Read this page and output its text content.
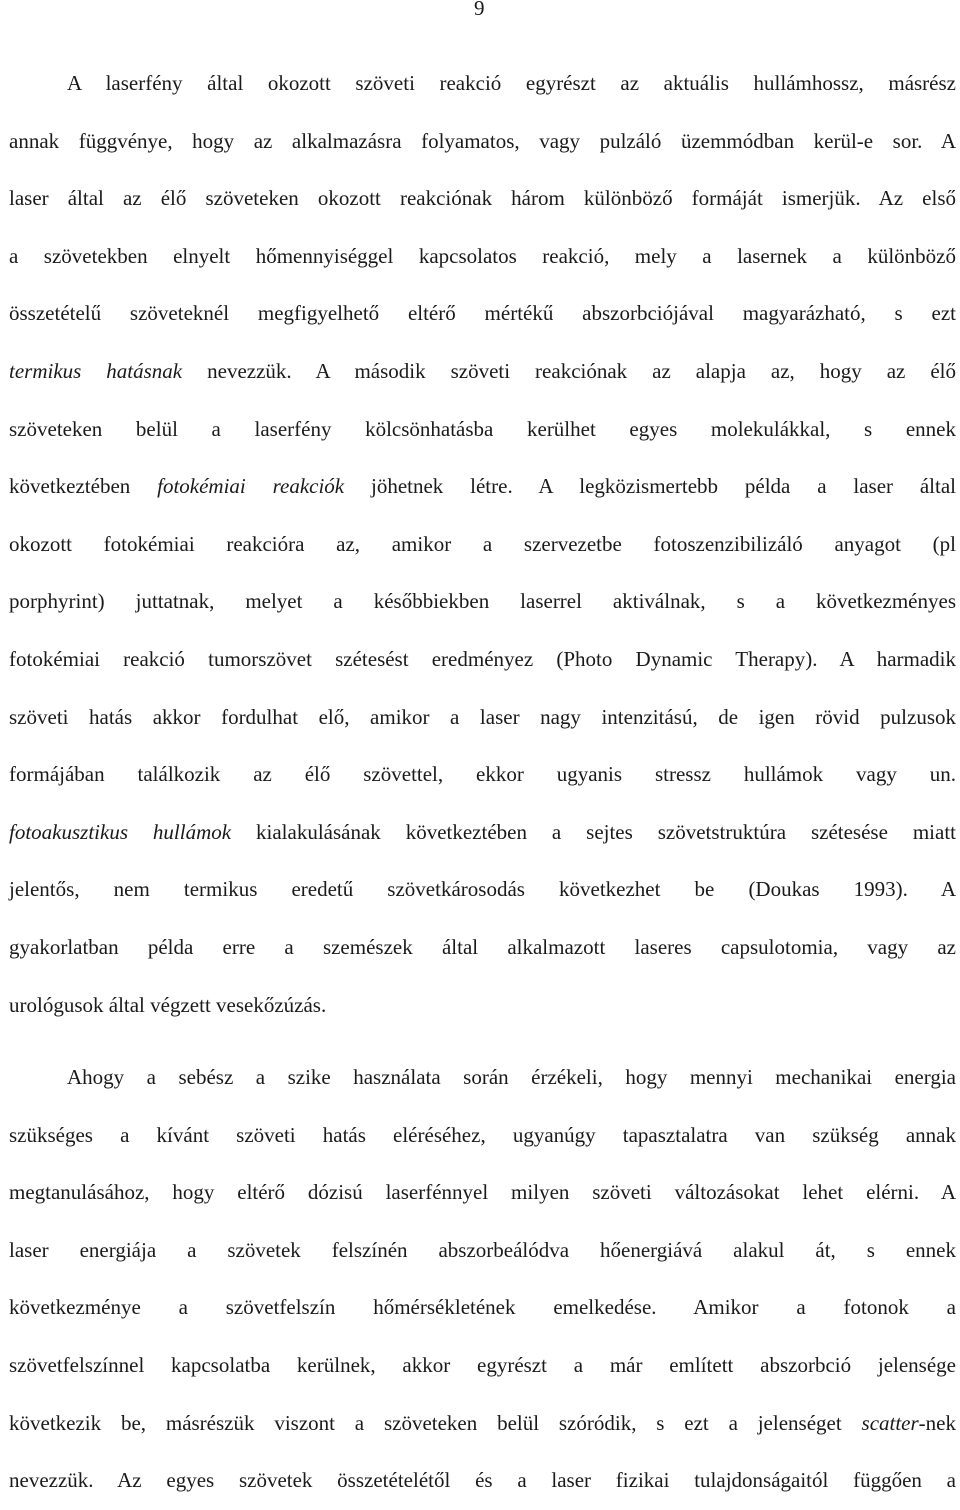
9
A laserfény által okozott szöveti reakció egyrészt az aktuális hullámhossz, másrész
annak függvénye, hogy az alkalmazásra folyamatos, vagy pulzáló üzemmódban kerül-e sor. A
laser által az élő szöveteken okozott reakciónak három különböző formáját ismerjük. Az első
a szövetekben elnyelt hőmennyiséggel kapcsolatos reakció, mely a lasernek a különböző
összetételű szöveteknél megfigyelhető eltérő mértékű abszorbciójával magyarázható, s ezt
termikus hatásnak nevezzük. A második szöveti reakciónak az alapja az, hogy az élő
szöveteken belül a laserfény kölcsönhatásba kerülhet egyes molekulákkal, s ennek
következtében fotokémiai reakciók jöhetnek létre. A legközismertebb példa a laser által
okozott fotokémiai reakcióra az, amikor a szervezetbe fotoszenzibilizáló anyagot (pl
porphyrint) juttatnak, melyet a későbbiekben laserrel aktiválnak, s a következményes
fotokémiai reakció tumorszövet szétesést eredményez (Photo Dynamic Therapy). A harmadik
szöveti hatás akkor fordulhat elő, amikor a laser nagy intenzitású, de igen rövid pulzusok
formájában találkozik az élő szövettel, ekkor ugyanis stressz hullámok vagy un.
fotoakusztikus hullámok kialakulásának következtében a sejtes szövetstruktúra szétesése miatt
jelentős, nem termikus eredetű szövetkárosodás következhet be (Doukas 1993). A
gyakorlatban példa erre a szemészek által alkalmazott laseres capsulotomia, vagy az
urológusok által végzett vesekőzúzás.
Ahogy a sebész a szike használata során érzékeli, hogy mennyi mechanikai energia
szükséges a kívánt szöveti hatás eléréséhez, ugyanúgy tapasztalatra van szükség annak
megtanulásához, hogy eltérő dózisú laserfénnyel milyen szöveti változásokat lehet elérni. A
laser energiája a szövetek felszínén abszorbeálódva hőenergiává alakul át, s ennek
következménye a szövetfelszín hőmérsékletének emelkedése. Amikor a fotonok a
szövetfelszínnel kapcsolatba kerülnek, akkor egyrészt a már említett abszorbció jelensége
következik be, másrészük viszont a szöveteken belül szóródik, s ezt a jelenséget scatter-nek
nevezzük. Az egyes szövetek összetételétől és a laser fizikai tulajdonságaitól függően a
